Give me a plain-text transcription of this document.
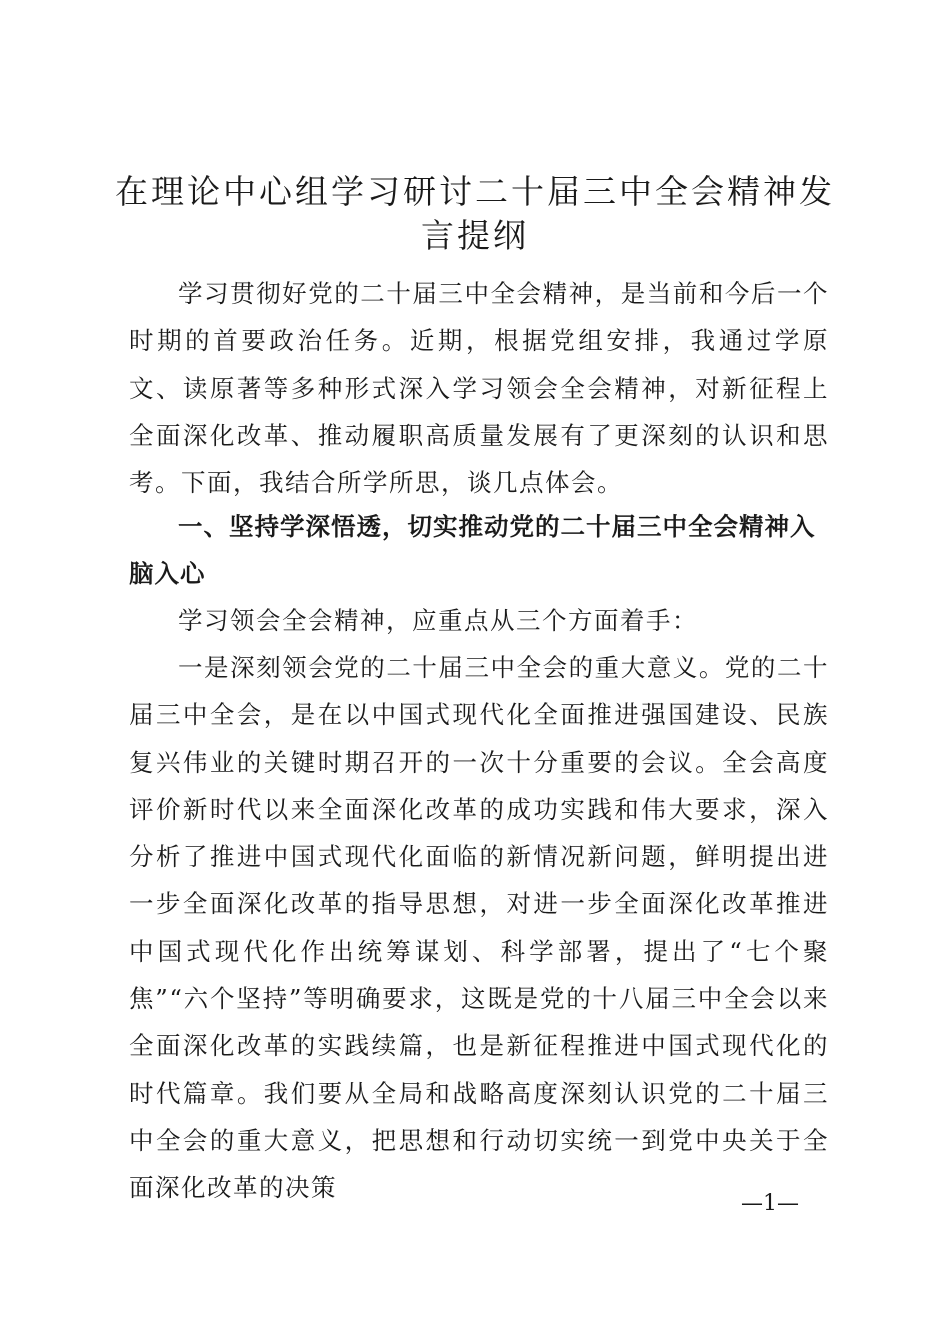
在理论中心组学习研讨二十届三中全会精神发言提纲

学习贯彻好党的二十届三中全会精神，是当前和今后一个时期的首要政治任务。近期，根据党组安排，我通过学原文、读原著等多种形式深入学习领会全会精神，对新征程上全面深化改革、推动履职高质量发展有了更深刻的认识和思考。下面，我结合所学所思，谈几点体会。

一、坚持学深悟透，切实推动党的二十届三中全会精神入脑入心

学习领会全会精神，应重点从三个方面着手：

一是深刻领会党的二十届三中全会的重大意义。党的二十届三中全会，是在以中国式现代化全面推进强国建设、民族复兴伟业的关键时期召开的一次十分重要的会议。全会高度评价新时代以来全面深化改革的成功实践和伟大要求，深入分析了推进中国式现代化面临的新情况新问题，鲜明提出进一步全面深化改革的指导思想，对进一步全面深化改革推进中国式现代化作出统筹谋划、科学部署，提出了“七个聚焦”“六个坚持”等明确要求，这既是党的十八届三中全会以来全面深化改革的实践续篇，也是新征程推进中国式现代化的时代篇章。我们要从全局和战略高度深刻认识党的二十届三中全会的重大意义，把思想和行动切实统一到党中央关于全面深化改革的决策

—1—
